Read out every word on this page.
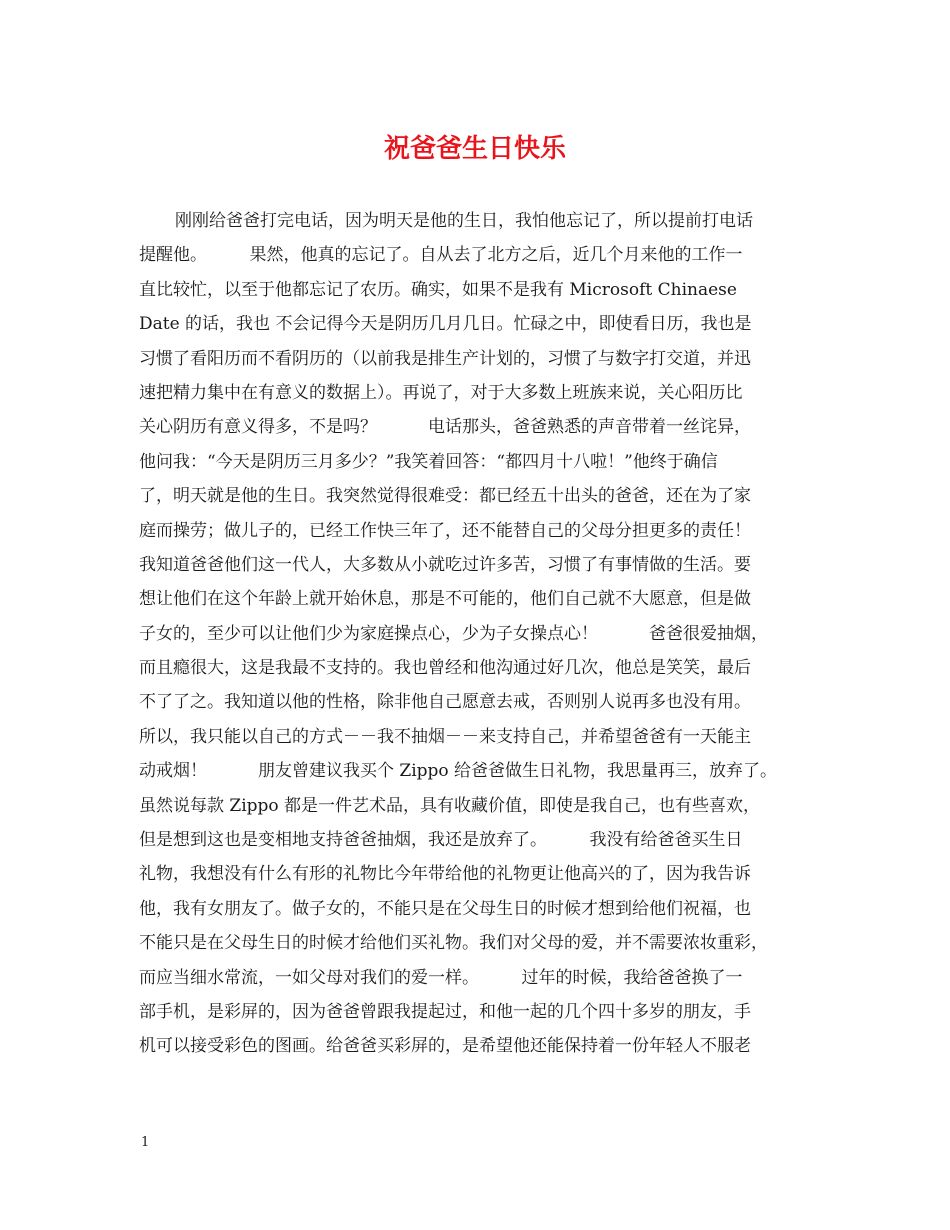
祝爸爸生日快乐
刚刚给爸爸打完电话，因为明天是他的生日，我怕他忘记了，所以提前打电话
提醒他。　　　果然，他真的忘记了。自从去了北方之后，近几个月来他的工作一
直比较忙，以至于他都忘记了农历。确实，如果不是我有 Microsoft Chinaese
Date 的话，我也 不会记得今天是阴历几月几日。忙碌之中，即使看日历，我也是
习惯了看阳历而不看阴历的（以前我是排生产计划的，习惯了与数字打交道，并迅
速把精力集中在有意义的数据上）。再说了，对于大多数上班族来说，关心阳历比
关心阴历有意义得多，不是吗？　　　电话那头，爸爸熟悉的声音带着一丝诧异，
他问我：“今天是阴历三月多少？”我笑着回答：“都四月十八啦！”他终于确信
了，明天就是他的生日。我突然觉得很难受：都已经五十出头的爸爸，还在为了家
庭而操劳；做儿子的，已经工作快三年了，还不能替自己的父母分担更多的责任！
我知道爸爸他们这一代人，大多数从小就吃过许多苦，习惯了有事情做的生活。要
想让他们在这个年龄上就开始休息，那是不可能的，他们自己就不大愿意，但是做
子女的，至少可以让他们少为家庭操点心，少为子女操点心！　　　爸爸很爱抽烟，
而且瘾很大，这是我最不支持的。我也曾经和他沟通过好几次，他总是笑笑，最后
不了了之。我知道以他的性格，除非他自己愿意去戒，否则别人说再多也没有用。
所以，我只能以自己的方式－－我不抽烟－－来支持自己，并希望爸爸有一天能主
动戒烟！　　　朋友曾建议我买个 Zippo 给爸爸做生日礼物，我思量再三，放弃了。
虽然说每款 Zippo 都是一件艺术品，具有收藏价值，即使是我自己，也有些喜欢，
但是想到这也是变相地支持爸爸抽烟，我还是放弃了。　　　我没有给爸爸买生日
礼物，我想没有什么有形的礼物比今年带给他的礼物更让他高兴的了，因为我告诉
他，我有女朋友了。做子女的，不能只是在父母生日的时候才想到给他们祝福，也
不能只是在父母生日的时候才给他们买礼物。我们对父母的爱，并不需要浓妆重彩，
而应当细水常流，一如父母对我们的爱一样。　　　过年的时候，我给爸爸换了一
部手机，是彩屏的，因为爸爸曾跟我提起过，和他一起的几个四十多岁的朋友，手
机可以接受彩色的图画。给爸爸买彩屏的，是希望他还能保持着一份年轻人不服老
1
